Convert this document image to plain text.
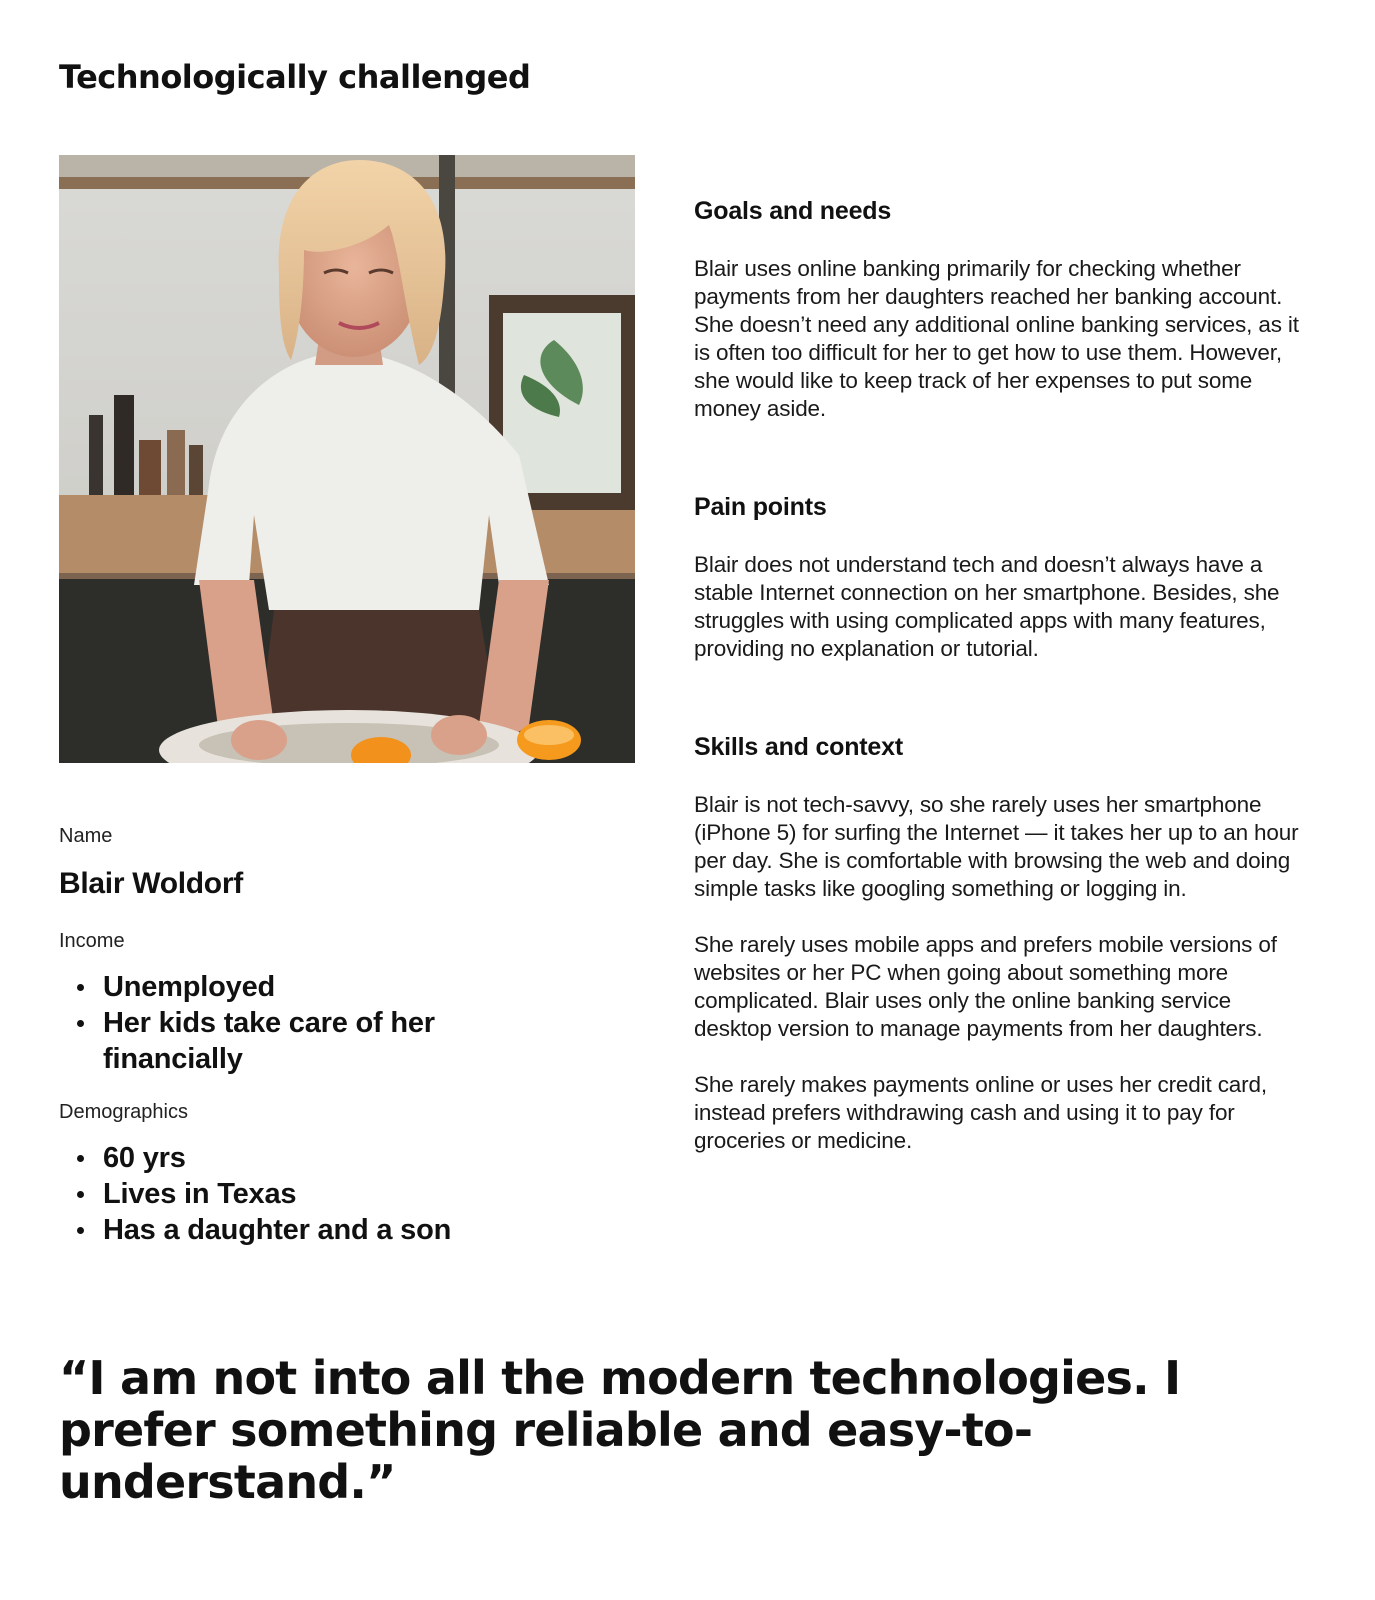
Technologically challenged
Name
Blair Woldorf
Income
Unemployed
Her kids take care of her financially
Demographics
60 yrs
Lives in Texas
Has a daughter and a son
Goals and needs

Blair uses online banking primarily for checking whether payments from her daughters reached her banking account. She doesn’t need any additional online banking services, as it is often too difficult for her to get how to use them. However, she would like to keep track of her expenses to put some money aside.

Pain points

Blair does not understand tech and doesn’t always have a stable Internet connection on her smartphone. Besides, she struggles with using complicated apps with many features, providing no explanation or tutorial.

Skills and context

Blair is not tech-savvy, so she rarely uses her smartphone (iPhone 5) for surfing the Internet — it takes her up to an hour per day. She is comfortable with browsing the web and doing simple tasks like googling something or logging in.

She rarely uses mobile apps and prefers mobile versions of websites or her PC when going about something more complicated. Blair uses only the online banking service desktop version to manage payments from her daughters.

She rarely makes payments online or uses her credit card, instead prefers withdrawing cash and using it to pay for groceries or medicine.

“I am not into all the modern technologies. I prefer something reliable and easy-to-understand.”
